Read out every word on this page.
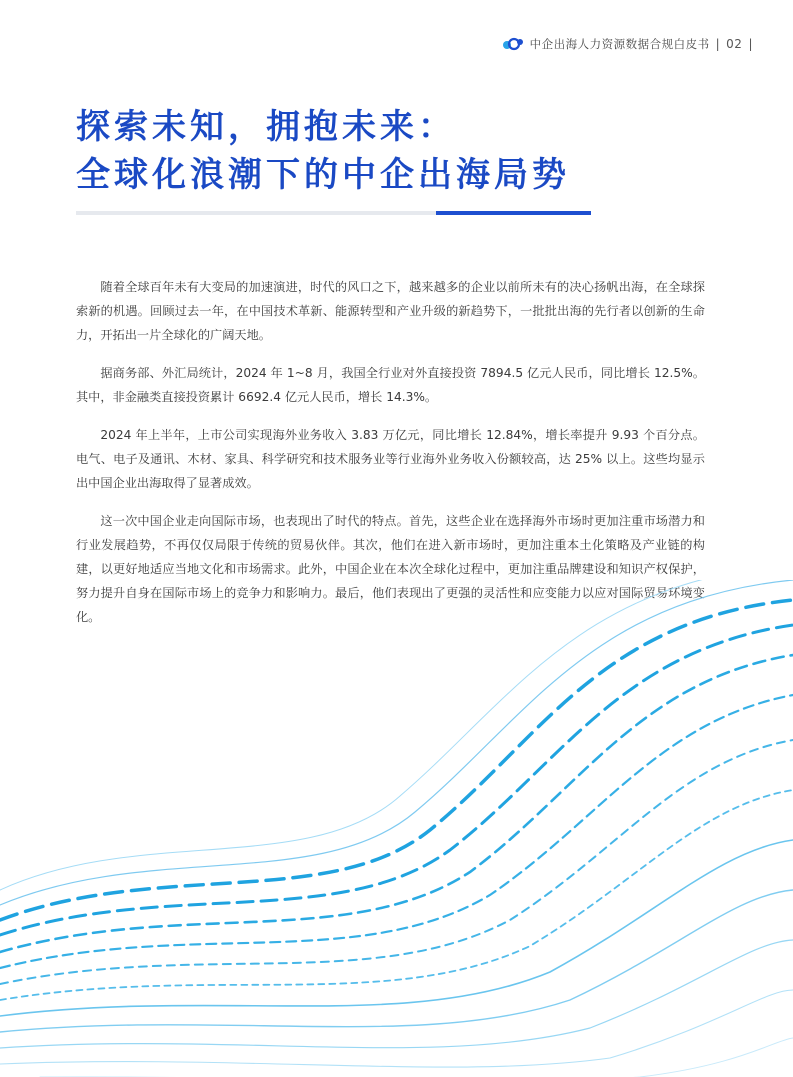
中企出海人力资源数据合规白皮书 | 02 |
探索未知，拥抱未来：
全球化浪潮下的中企出海局势

随着全球百年未有大变局的加速演进，时代的风口之下，越来越多的企业以前所未有的决心扬帆出海，在全球探索新的机遇。回顾过去一年，在中国技术革新、能源转型和产业升级的新趋势下，一批批出海的先行者以创新的生命力，开拓出一片全球化的广阔天地。

据商务部、外汇局统计，2024 年 1~8 月，我国全行业对外直接投资 7894.5 亿元人民币，同比增长 12.5%。其中，非金融类直接投资累计 6692.4 亿元人民币，增长 14.3%。

2024 年上半年，上市公司实现海外业务收入 3.83 万亿元，同比增长 12.84%，增长率提升 9.93 个百分点。电气、电子及通讯、木材、家具、科学研究和技术服务业等行业海外业务收入份额较高，达 25% 以上。这些均显示出中国企业出海取得了显著成效。

这一次中国企业走向国际市场，也表现出了时代的特点。首先，这些企业在选择海外市场时更加注重市场潜力和行业发展趋势，不再仅仅局限于传统的贸易伙伴。其次，他们在进入新市场时，更加注重本土化策略及产业链的构建，以更好地适应当地文化和市场需求。此外，中国企业在本次全球化过程中，更加注重品牌建设和知识产权保护，努力提升自身在国际市场上的竞争力和影响力。最后，他们表现出了更强的灵活性和应变能力以应对国际贸易环境变化。
